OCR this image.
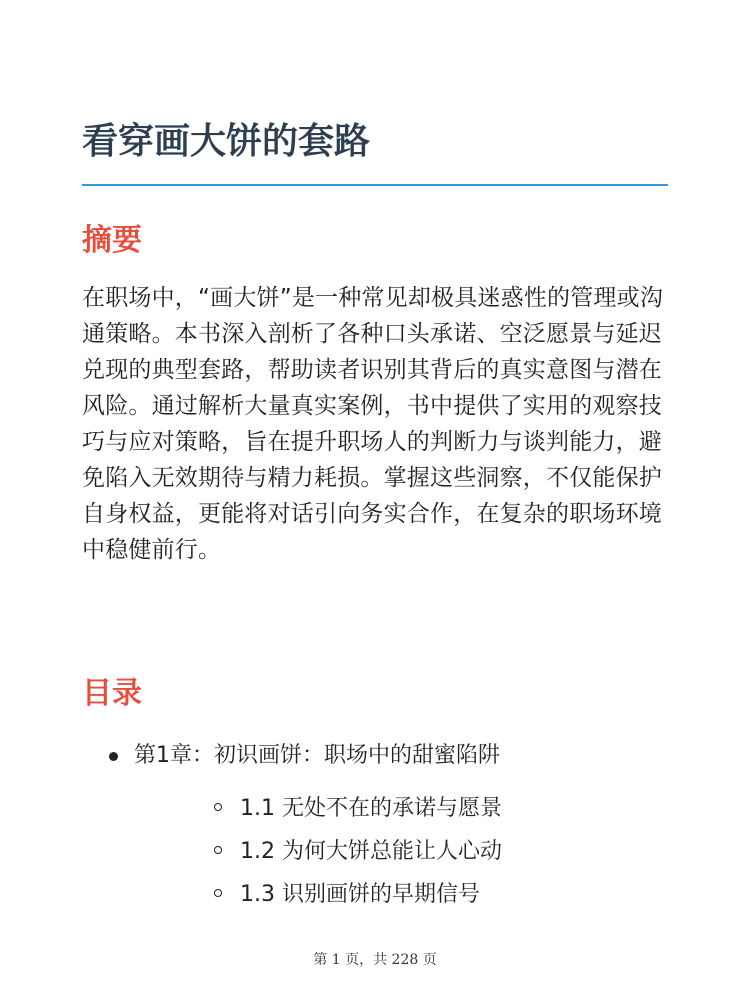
看穿画大饼的套路
摘要

在职场中，“画大饼”是一种常见却极具迷惑性的管理或沟通策略。本书深入剖析了各种口头承诺、空泛愿景与延迟兑现的典型套路，帮助读者识别其背后的真实意图与潜在风险。通过解析大量真实案例，书中提供了实用的观察技巧与应对策略，旨在提升职场人的判断力与谈判能力，避免陷入无效期待与精力耗损。掌握这些洞察，不仅能保护自身权益，更能将对话引向务实合作，在复杂的职场环境中稳健前行。

目录
第1章：初识画饼：职场中的甜蜜陷阱
1.1 无处不在的承诺与愿景
1.2 为何大饼总能让人心动
1.3 识别画饼的早期信号
第 1 页，共 228 页
